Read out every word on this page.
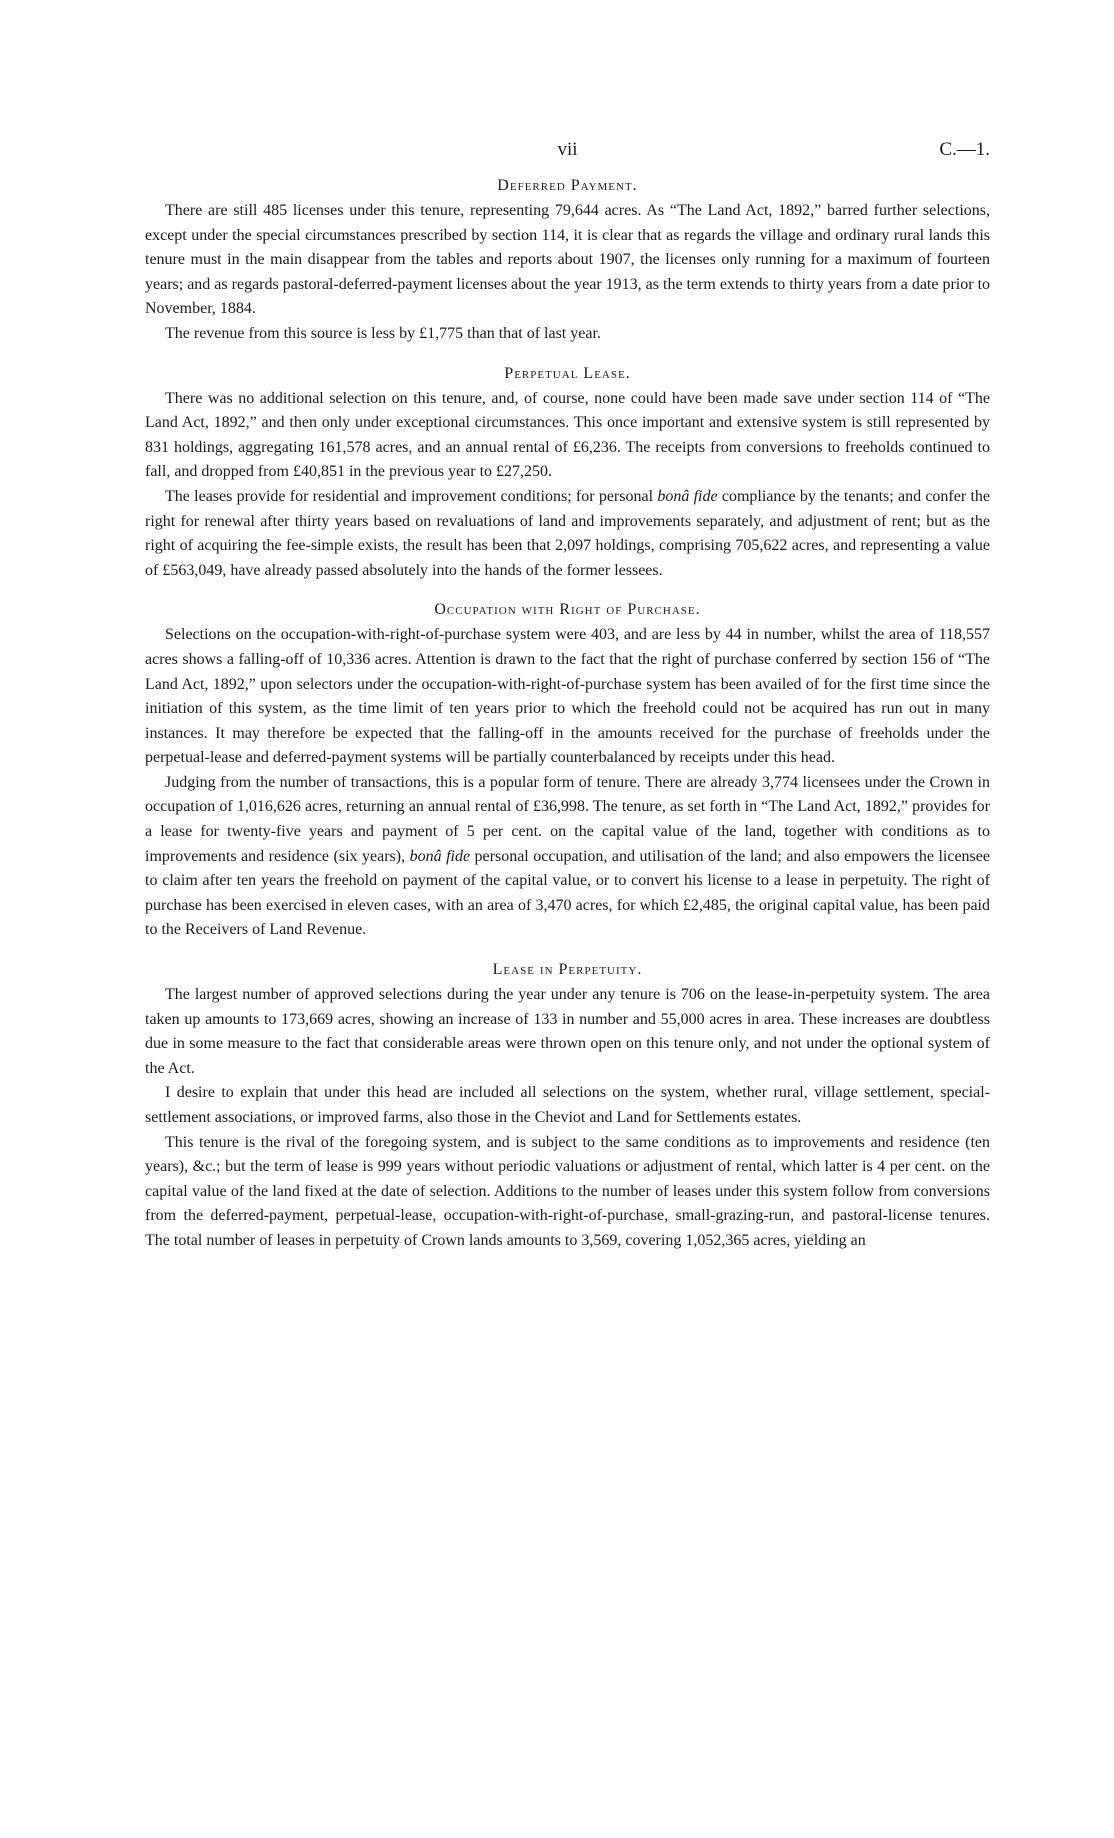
vii	C.—1.
Deferred Payment.

There are still 485 licenses under this tenure, representing 79,644 acres. As “The Land Act, 1892,” barred further selections, except under the special circumstances prescribed by section 114, it is clear that as regards the village and ordinary rural lands this tenure must in the main disappear from the tables and reports about 1907, the licenses only running for a maximum of fourteen years; and as regards pastoral-deferred-payment licenses about the year 1913, as the term extends to thirty years from a date prior to November, 1884.

The revenue from this source is less by £1,775 than that of last year.

Perpetual Lease.

There was no additional selection on this tenure, and, of course, none could have been made save under section 114 of “The Land Act, 1892,” and then only under exceptional circumstances. This once important and extensive system is still represented by 831 holdings, aggregating 161,578 acres, and an annual rental of £6,236. The receipts from conversions to freeholds continued to fall, and dropped from £40,851 in the previous year to £27,250.

The leases provide for residential and improvement conditions; for personal bonâ fide compliance by the tenants; and confer the right for renewal after thirty years based on revaluations of land and improvements separately, and adjustment of rent; but as the right of acquiring the fee-simple exists, the result has been that 2,097 holdings, comprising 705,622 acres, and representing a value of £563,049, have already passed absolutely into the hands of the former lessees.

Occupation with Right of Purchase.

Selections on the occupation-with-right-of-purchase system were 403, and are less by 44 in number, whilst the area of 118,557 acres shows a falling-off of 10,336 acres. Attention is drawn to the fact that the right of purchase conferred by section 156 of “The Land Act, 1892,” upon selectors under the occupation-with-right-of-purchase system has been availed of for the first time since the initiation of this system, as the time limit of ten years prior to which the freehold could not be acquired has run out in many instances. It may therefore be expected that the falling-off in the amounts received for the purchase of freeholds under the perpetual-lease and deferred-payment systems will be partially counterbalanced by receipts under this head.

Judging from the number of transactions, this is a popular form of tenure. There are already 3,774 licensees under the Crown in occupation of 1,016,626 acres, returning an annual rental of £36,998. The tenure, as set forth in “The Land Act, 1892,” provides for a lease for twenty-five years and payment of 5 per cent. on the capital value of the land, together with conditions as to improvements and residence (six years), bonâ fide personal occupation, and utilisation of the land; and also empowers the licensee to claim after ten years the freehold on payment of the capital value, or to convert his license to a lease in perpetuity. The right of purchase has been exercised in eleven cases, with an area of 3,470 acres, for which £2,485, the original capital value, has been paid to the Receivers of Land Revenue.

Lease in Perpetuity.

The largest number of approved selections during the year under any tenure is 706 on the lease-in-perpetuity system. The area taken up amounts to 173,669 acres, showing an increase of 133 in number and 55,000 acres in area. These increases are doubtless due in some measure to the fact that considerable areas were thrown open on this tenure only, and not under the optional system of the Act.

I desire to explain that under this head are included all selections on the system, whether rural, village settlement, special-settlement associations, or improved farms, also those in the Cheviot and Land for Settlements estates.

This tenure is the rival of the foregoing system, and is subject to the same conditions as to improvements and residence (ten years), &c.; but the term of lease is 999 years without periodic valuations or adjustment of rental, which latter is 4 per cent. on the capital value of the land fixed at the date of selection. Additions to the number of leases under this system follow from conversions from the deferred-payment, perpetual-lease, occupation-with-right-of-purchase, small-grazing-run, and pastoral-license tenures. The total number of leases in perpetuity of Crown lands amounts to 3,569, covering 1,052,365 acres, yielding an
